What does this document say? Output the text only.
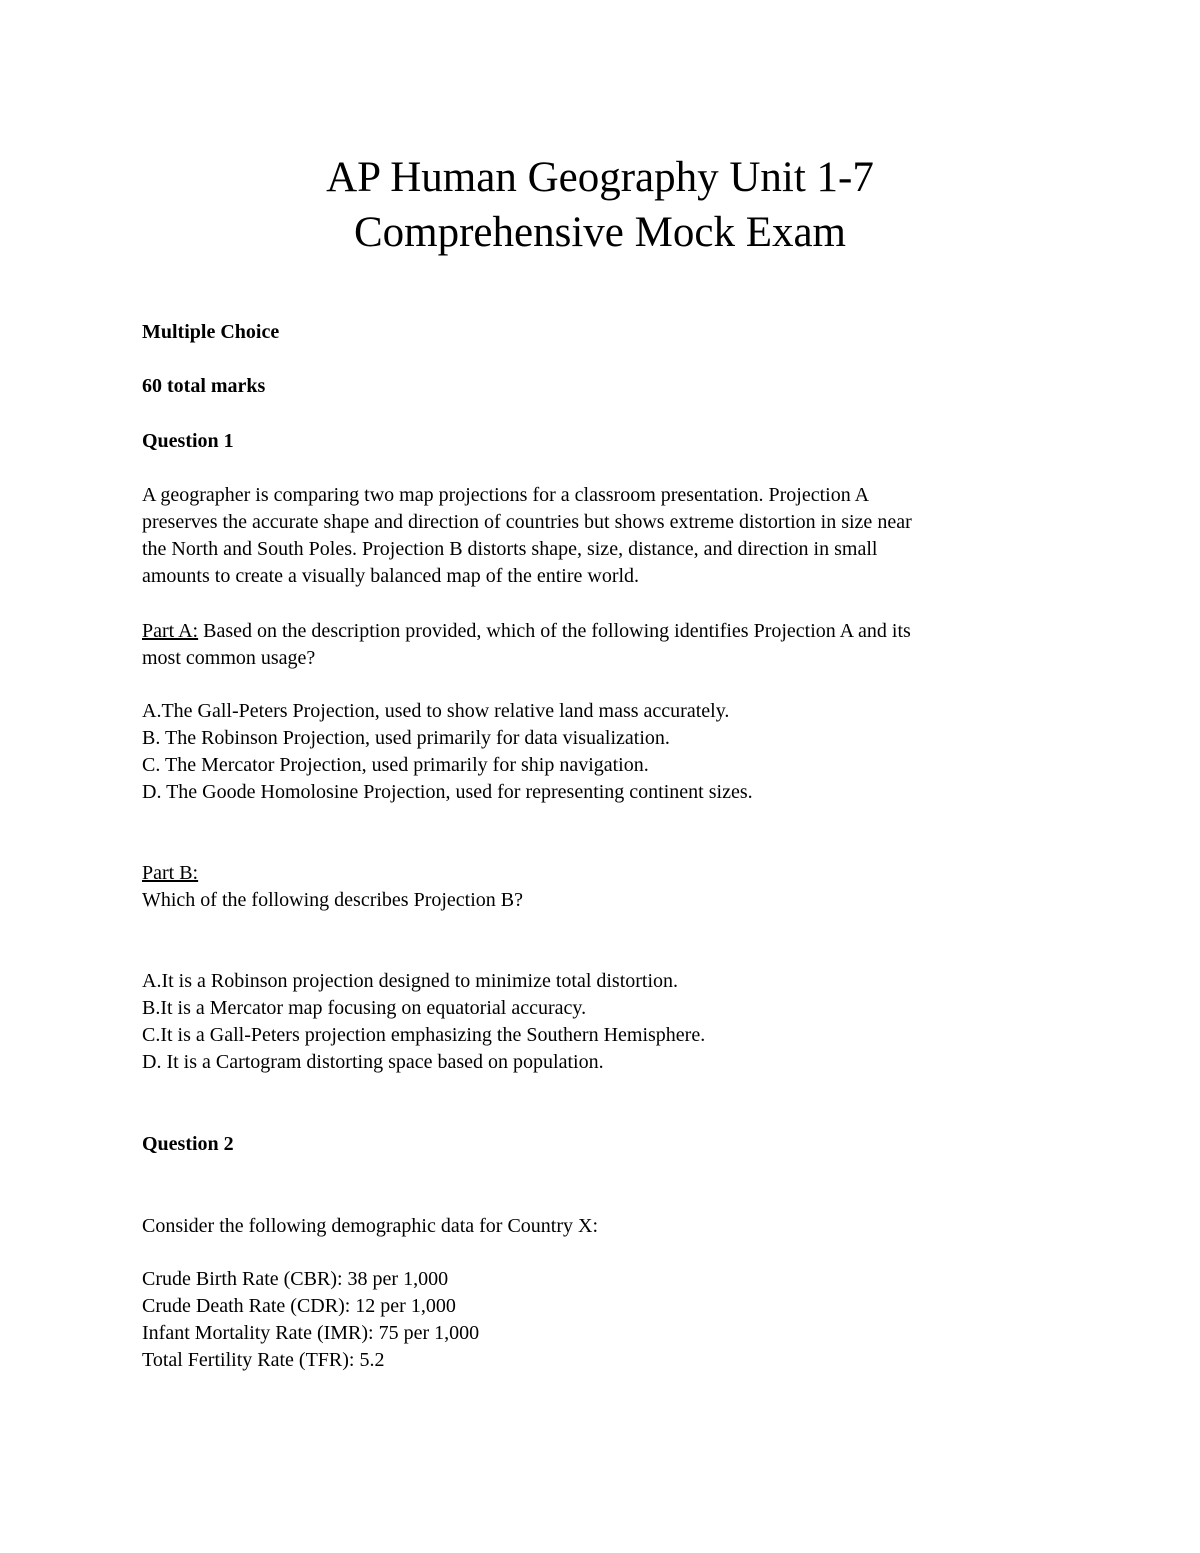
AP Human Geography Unit 1-7
Comprehensive Mock Exam
Multiple Choice
60 total marks
Question 1
A geographer is comparing two map projections for a classroom presentation. Projection A
preserves the accurate shape and direction of countries but shows extreme distortion in size near
the North and South Poles. Projection B distorts shape, size, distance, and direction in small
amounts to create a visually balanced map of the entire world.
Part A: Based on the description provided, which of the following identifies Projection A and its
most common usage?
A.The Gall-Peters Projection, used to show relative land mass accurately.
B. The Robinson Projection, used primarily for data visualization.
C. The Mercator Projection, used primarily for ship navigation.
D. The Goode Homolosine Projection, used for representing continent sizes.
Part B:
Which of the following describes Projection B?
A.It is a Robinson projection designed to minimize total distortion.
B.It is a Mercator map focusing on equatorial accuracy.
C.It is a Gall-Peters projection emphasizing the Southern Hemisphere.
D. It is a Cartogram distorting space based on population.
Question 2
Consider the following demographic data for Country X:
Crude Birth Rate (CBR): 38 per 1,000
Crude Death Rate (CDR): 12 per 1,000
Infant Mortality Rate (IMR): 75 per 1,000
Total Fertility Rate (TFR): 5.2
